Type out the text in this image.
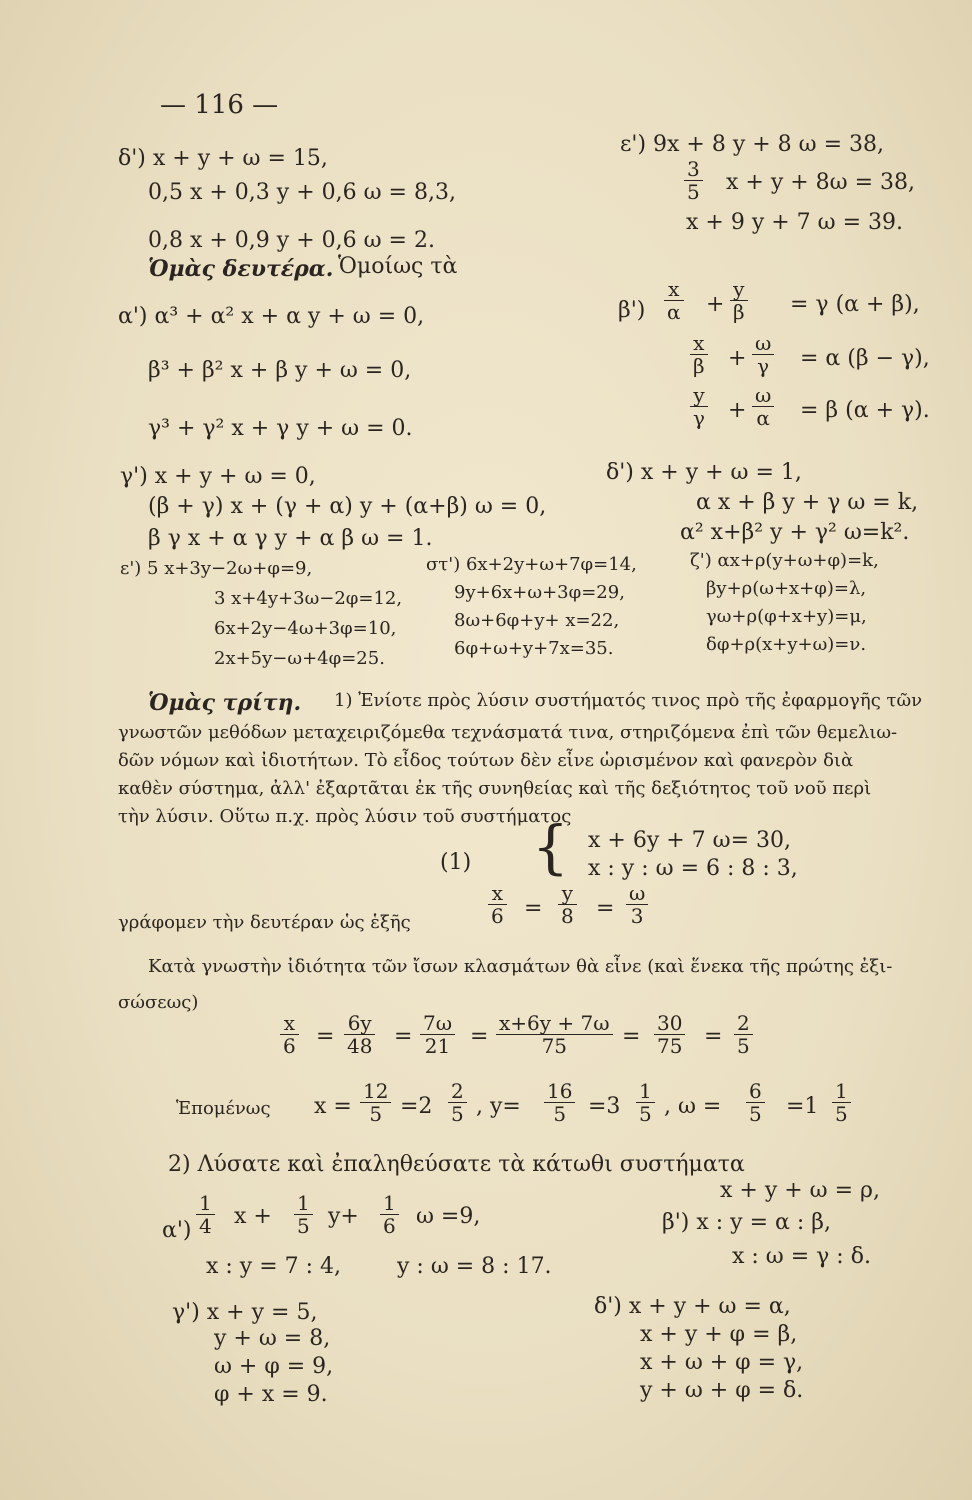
— 116 —
δ') x + y + ω = 15,
0,5 x + 0,3 y + 0,6 ω = 8,3,
0,8 x + 0,9 y + 0,6 ω = 2.
ε') 9x + 8 y + 8 ω = 38,
$\frac{3}{5}$ x + y + 8ω = 38,
x + 9 y + 7 ω = 39.
Ὁμὰς δευτέρα. Ὁμοίως τὰ
α') α³ + α² x + α y + ω = 0,
β³ + β² x + β y + ω = 0,
γ³ + γ² x + γ y + ω = 0.
$\beta') \frac{x}{\alpha} + \frac{y}{\beta} = \gamma$ (α + β),
$\frac{x}{\beta} + \frac{\omega}{\gamma} = \alpha$ (β − γ),
$\frac{y}{\gamma} + \frac{\omega}{\alpha} = \beta$ (α + γ).
γ') x + y + ω = 0,
(β + γ) x + (γ + α) y + (α+β) ω = 0,
β γ x + α γ y + α β ω = 1.
δ') x + y + ω = 1,
α x + β y + γ ω = k,
α² x+β² y + γ² ω=k².
ε') 5 x+3y−2ω+φ=9,
3 x+4y+3ω−2φ=12,
6x+2y−4ω+3φ=10,
2x+5y−ω+4φ=25.
στ') 6x+2y+ω+7φ=14,
9y+6x+ω+3φ=29,
8ω+6φ+y+ x=22,
6φ+ω+y+7x=35.
ζ') αx+ρ(y+ω+φ)=k,
βy+ρ(ω+x+φ)=λ,
γω+ρ(φ+x+y)=μ,
δφ+ρ(x+y+ω)=ν.
Ὁμὰς τρίτη. 1) Ἐνίοτε πρὸς λύσιν συστήματός τινος πρὸ τῆς ἐφαρμογῆς τῶν
γνωστῶν μεθόδων μεταχειριζόμεθα τεχνάσματά τινα, στηριζόμενα ἐπὶ τῶν θεμελιω-
δῶν νόμων καὶ ἰδιοτήτων. Τὸ εἶδος τούτων δὲν εἶνε ὡρισμένον καὶ φανερὸν διὰ
καθὲν σύστημα, ἀλλ' ἐξαρτᾶται ἐκ τῆς συνηθείας καὶ τῆς δεξιότητος τοῦ νοῦ περὶ
τὴν λύσιν. Οὕτω π.χ. πρὸς λύσιν τοῦ συστήματος
(1) { x + 6y + 7 ω= 30,
x : y : ω = 6 : 8 : 3,
γράφομεν τὴν δευτέραν ὡς ἑξῆς	$\frac{x}{6} = \frac{y}{8} = \frac{\omega}{3}$
Κατὰ γνωστὴν ἰδιότητα τῶν ἴσων κλασμάτων θὰ εἶνε (καὶ ἕνεκα τῆς πρώτης ἐξι-
σώσεως)
$\frac{x}{6} = \frac{6y}{48} = \frac{7\omega}{21} = \frac{x+6y + 7\omega}{75} = \frac{30}{75} = \frac{2}{5}$
Ἑπομένως $x = \frac{12}{5} =2 \frac{2}{5}$ , $y= \frac{16}{5} =3 \frac{1}{5}$ , $\omega = \frac{6}{5} =1 \frac{1}{5}$
2) Λύσατε καὶ ἐπαληθεύσατε τὰ κάτωθι συστήματα
$\alpha') \frac{1}{4}$ $x + \frac{1}{5} y+ \frac{1}{6}$ ω =9,
x : y = 7 : 4,        y : ω = 8 : 17.
x + y + ω = ρ,
β') x : y = α : β,
x : ω = γ : δ.
γ') x + y = 5,
y + ω = 8,
ω + φ = 9,
φ + x = 9.
δ') x + y + ω = α,
x + y + φ = β,
x + ω + φ = γ,
y + ω + φ = δ.
